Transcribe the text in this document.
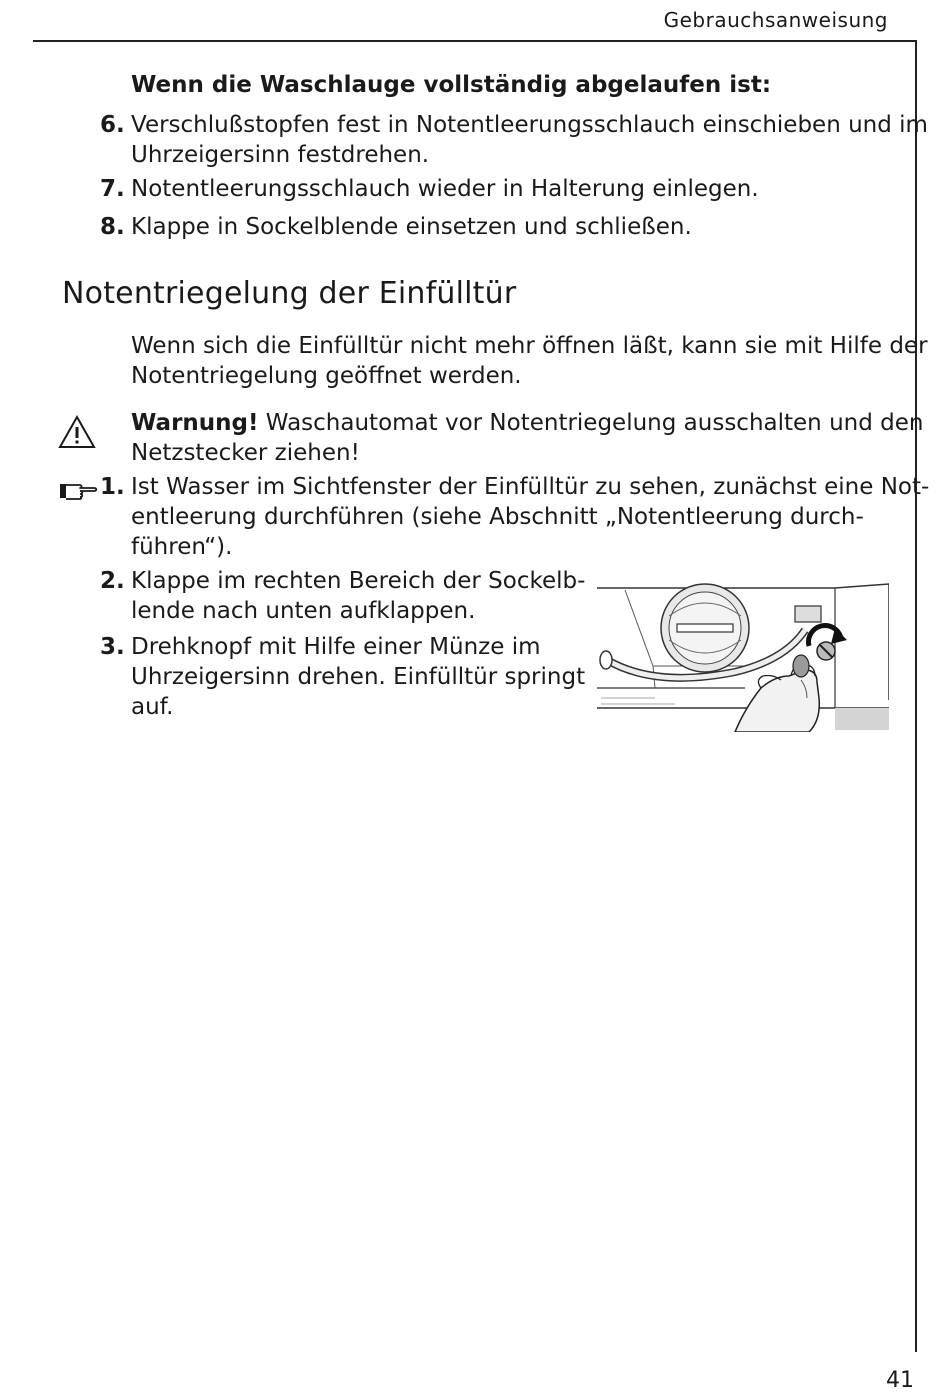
Gebrauchsanweisung
Wenn die Waschlauge vollständig abgelaufen ist:
6. Verschlußstopfen fest in Notentleerungsschlauch einschieben und im
Uhrzeigersinn festdrehen.
7. Notentleerungsschlauch wieder in Halterung einlegen.
8. Klappe in Sockelblende einsetzen und schließen.
Notentriegelung der Einfülltür
Wenn sich die Einfülltür nicht mehr öffnen läßt, kann sie mit Hilfe der
Notentriegelung geöffnet werden.
Warnung! Waschautomat vor Notentriegelung ausschalten und den
Netzstecker ziehen!
1. Ist Wasser im Sichtfenster der Einfülltür zu sehen, zunächst eine Not-
entleerung durchführen (siehe Abschnitt „Notentleerung durch-
führen“).
2. Klappe im rechten Bereich der Sockelb-
lende nach unten aufklappen.
3. Drehknopf mit Hilfe einer Münze im
Uhrzeigersinn drehen. Einfülltür springt
auf.
41
